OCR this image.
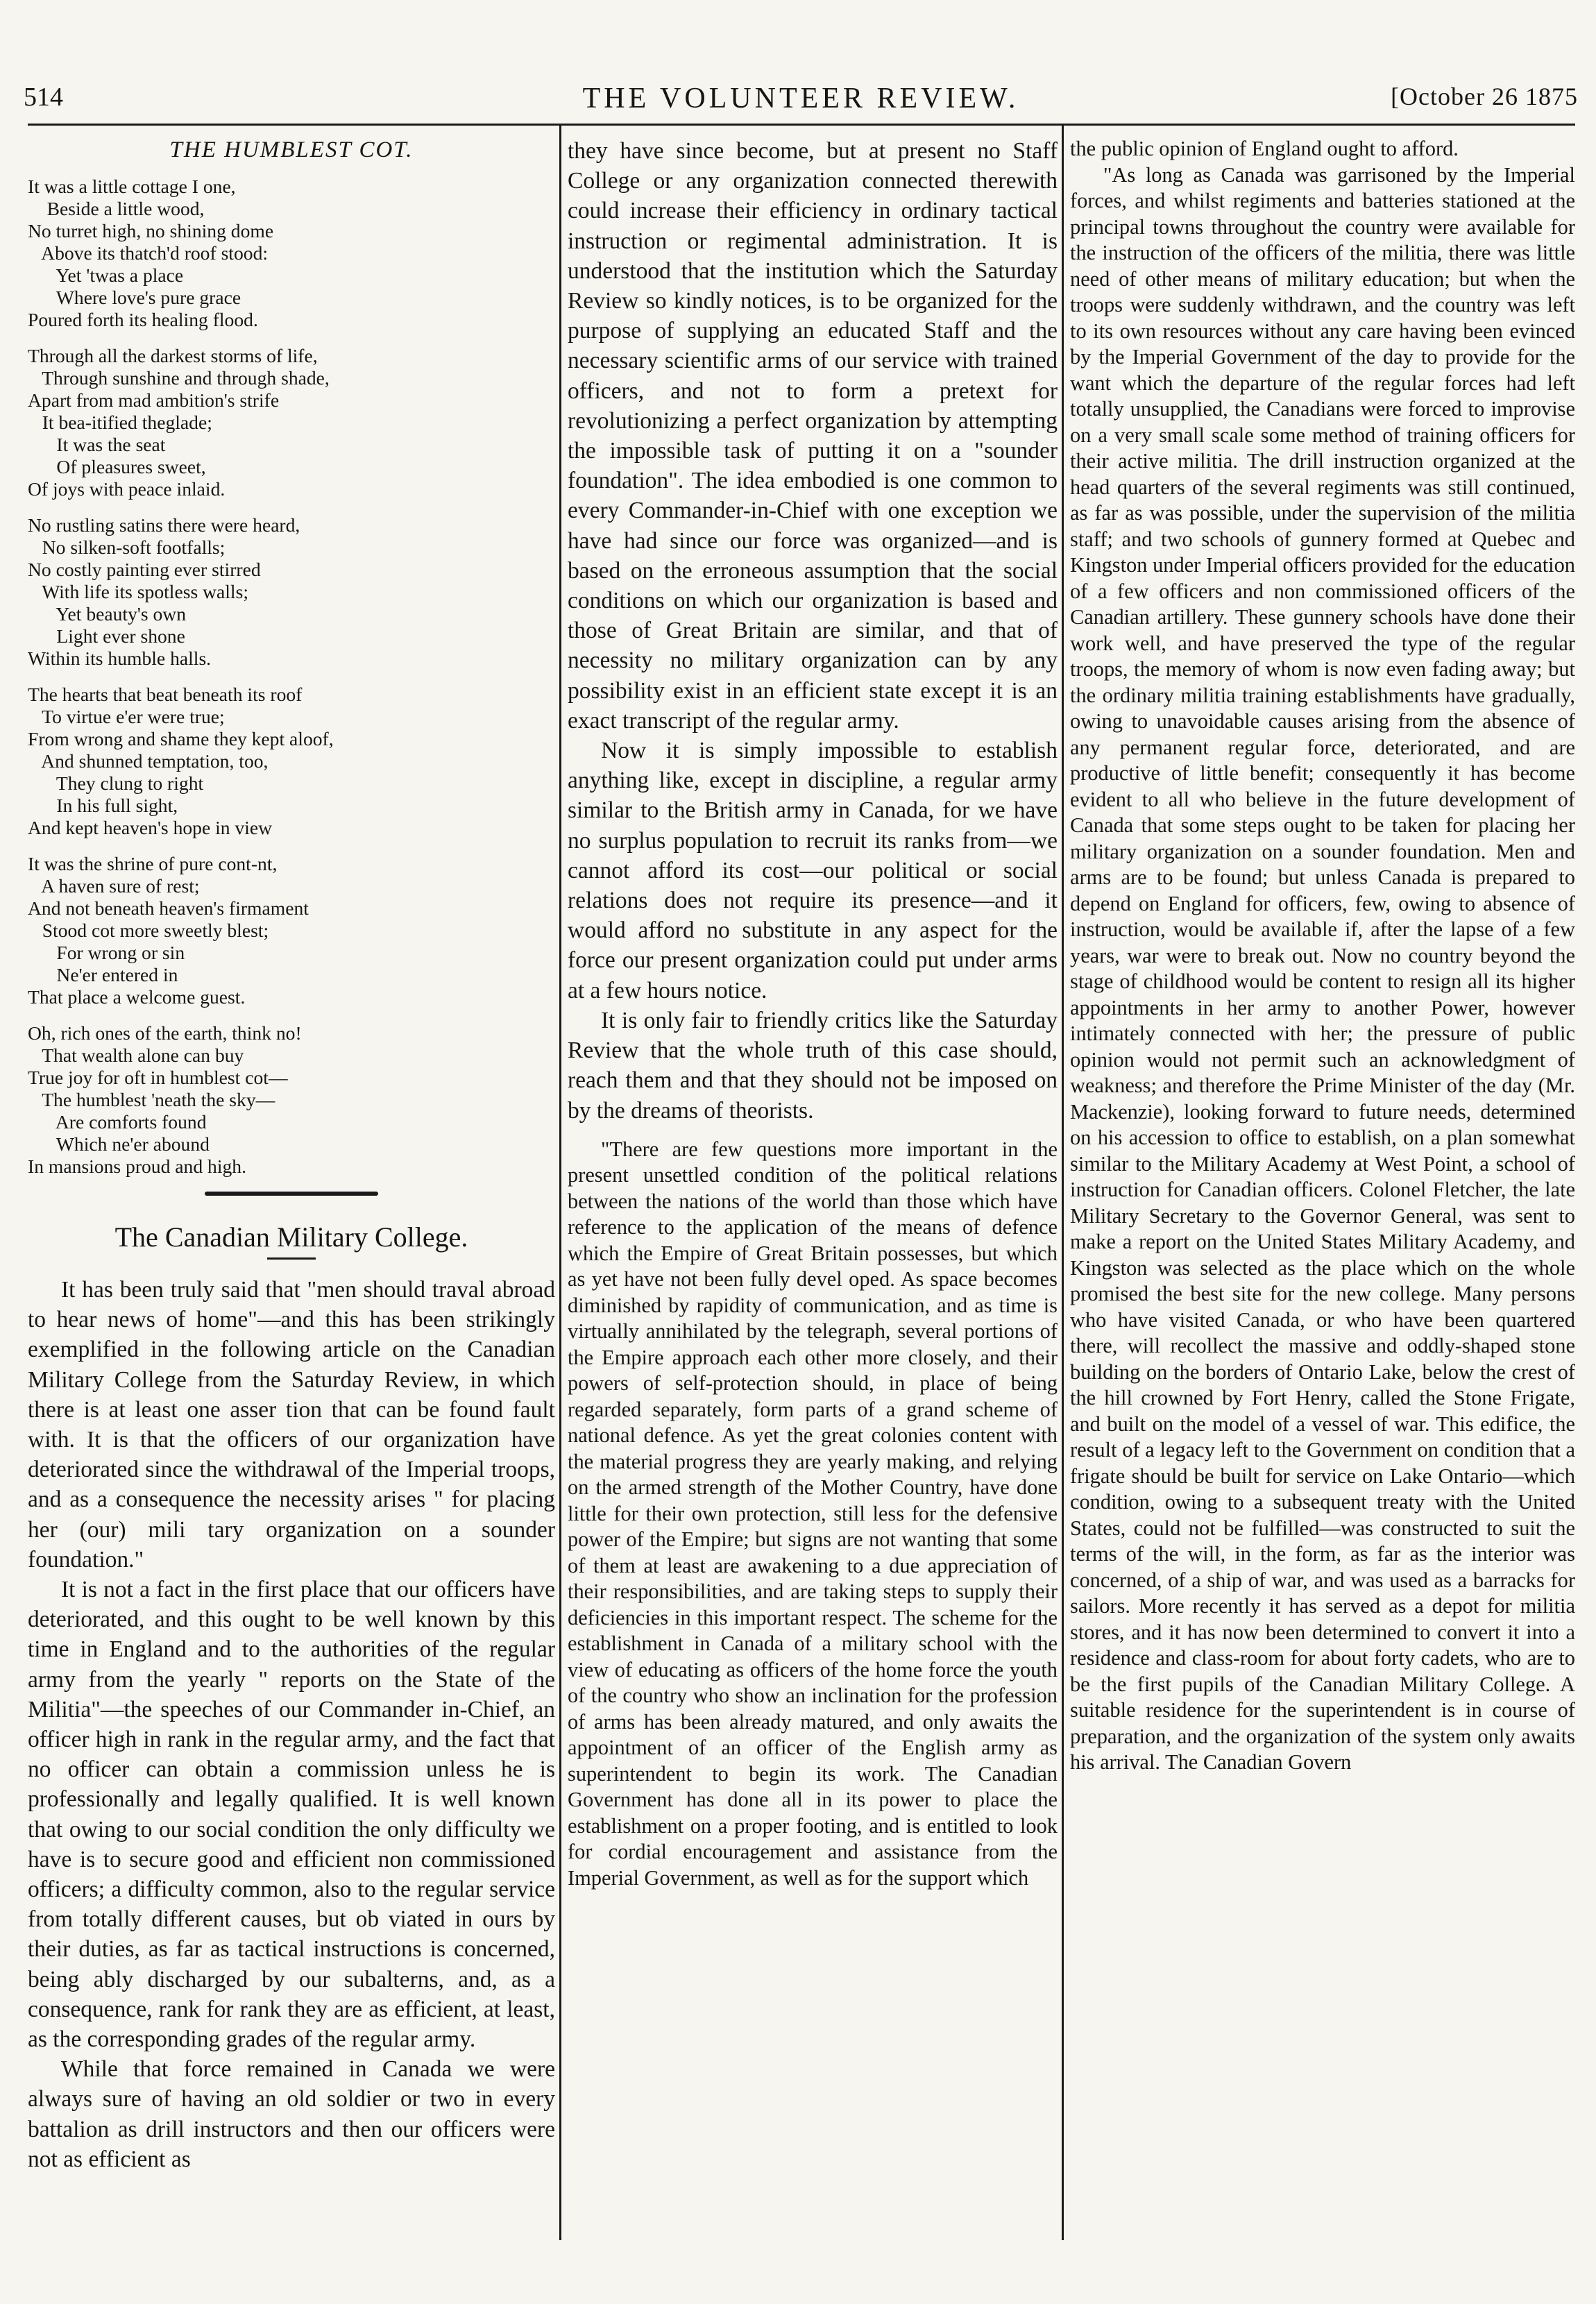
514	THE VOLUNTEER REVIEW.	[October 26 1875
THE HUMBLEST COT.
It was a little cottage I one,
Beside a little wood,
No turret high, no shining dome
Above its thatch'd roof stood:
Yet 'twas a place
Where love's pure grace
Poured forth its healing flood.
Through all the darkest storms of life,
Through sunshine and through shade,
Apart from mad ambition's strife
It bea-itified theglade;
It was the seat
Of pleasures sweet,
Of joys with peace inlaid.
No rustling satins there were heard,
No silken-soft footfalls;
No costly painting ever stirred
With life its spotless walls;
Yet beauty's own
Light ever shone
Within its humble halls.
The hearts that beat beneath its roof
To virtue e'er were true;
From wrong and shame they kept aloof,
And shunned temptation, too,
They clung to right
In his full sight,
And kept heaven's hope in view
It was the shrine of pure cont-nt,
A haven sure of rest;
And not beneath heaven's firmament
Stood cot more sweetly blest;
For wrong or sin
Ne'er entered in
That place a welcome guest.
Oh, rich ones of the earth, think no!
That wealth alone can buy
True joy for oft in humblest cot—
The humblest 'neath the sky—
Are comforts found
Which ne'er abound
In mansions proud and high.
The Canadian Military College.

It has been truly said that "men should traval abroad to hear news of home"—and this has been strikingly exemplified in the following article on the Canadian Military College from the Saturday Review, in which there is at least one asser tion that can be found fault with. It is that the officers of our organization have deteriorated since the withdrawal of the Imperial troops, and as a consequence the necessity arises " for placing her (our) mili tary organization on a sounder foundation."

It is not a fact in the first place that our officers have deteriorated, and this ought to be well known by this time in England and to the authorities of the regular army from the yearly " reports on the State of the Militia"—the speeches of our Commander in-Chief, an officer high in rank in the regular army, and the fact that no officer can obtain a commission unless he is professionally and legally qualified. It is well known that owing to our social condition the only difficulty we have is to secure good and efficient non commissioned officers; a difficulty common, also to the regular service from totally different causes, but ob viated in ours by their duties, as far as tactical instructions is concerned, being ably discharged by our subalterns, and, as a consequence, rank for rank they are as efficient, at least, as the corresponding grades of the regular army.

While that force remained in Canada we were always sure of having an old soldier or two in every battalion as drill instructors and then our officers were not as efficient as

they have since become, but at present no Staff College or any organization connected therewith could increase their efficiency in ordinary tactical instruction or regimental administration. It is understood that the institution which the Saturday Review so kindly notices, is to be organized for the purpose of supplying an educated Staff and the necessary scientific arms of our service with trained officers, and not to form a pretext for revolutionizing a perfect organization by attempting the impossible task of putting it on a "sounder foundation". The idea embodied is one common to every Commander-in-Chief with one exception we have had since our force was organized—and is based on the erroneous assumption that the social conditions on which our organization is based and those of Great Britain are similar, and that of necessity no military organization can by any possibility exist in an efficient state except it is an exact transcript of the regular army.

Now it is simply impossible to establish anything like, except in discipline, a regular army similar to the British army in Canada, for we have no surplus population to recruit its ranks from—we cannot afford its cost—our political or social relations does not require its presence—and it would afford no substitute in any aspect for the force our present organization could put under arms at a few hours notice.

It is only fair to friendly critics like the Saturday Review that the whole truth of this case should, reach them and that they should not be imposed on by the dreams of theorists.

"There are few questions more important in the present unsettled condition of the political relations between the nations of the world than those which have reference to the application of the means of defence which the Empire of Great Britain possesses, but which as yet have not been fully devel oped. As space becomes diminished by rapidity of communication, and as time is virtually annihilated by the telegraph, several portions of the Empire approach each other more closely, and their powers of self-protection should, in place of being regarded separately, form parts of a grand scheme of national defence. As yet the great colonies content with the material progress they are yearly making, and relying on the armed strength of the Mother Country, have done little for their own protection, still less for the defensive power of the Empire; but signs are not wanting that some of them at least are awakening to a due appreciation of their responsibilities, and are taking steps to supply their deficiencies in this important respect. The scheme for the establishment in Canada of a military school with the view of educating as officers of the home force the youth of the country who show an inclination for the profession of arms has been already matured, and only awaits the appointment of an officer of the English army as superintendent to begin its work. The Canadian Government has done all in its power to place the establishment on a proper footing, and is entitled to look for cordial encouragement and assistance from the Imperial Government, as well as for the support which

the public opinion of England ought to afford.

"As long as Canada was garrisoned by the Imperial forces, and whilst regiments and batteries stationed at the principal towns throughout the country were available for the instruction of the officers of the militia, there was little need of other means of military education; but when the troops were suddenly withdrawn, and the country was left to its own resources without any care having been evinced by the Imperial Government of the day to provide for the want which the departure of the regular forces had left totally unsupplied, the Canadians were forced to improvise on a very small scale some method of training officers for their active militia. The drill instruction organized at the head quarters of the several regiments was still continued, as far as was possible, under the supervision of the militia staff; and two schools of gunnery formed at Quebec and Kingston under Imperial officers provided for the education of a few officers and non commissioned officers of the Canadian artillery. These gunnery schools have done their work well, and have preserved the type of the regular troops, the memory of whom is now even fading away; but the ordinary militia training establishments have gradually, owing to unavoidable causes arising from the absence of any permanent regular force, deteriorated, and are productive of little benefit; consequently it has become evident to all who believe in the future development of Canada that some steps ought to be taken for placing her military organization on a sounder foundation. Men and arms are to be found; but unless Canada is prepared to depend on England for officers, few, owing to absence of instruction, would be available if, after the lapse of a few years, war were to break out. Now no country beyond the stage of childhood would be content to resign all its higher appointments in her army to another Power, however intimately connected with her; the pressure of public opinion would not permit such an acknowledgment of weakness; and therefore the Prime Minister of the day (Mr. Mackenzie), looking forward to future needs, determined on his accession to office to establish, on a plan somewhat similar to the Military Academy at West Point, a school of instruction for Canadian officers. Colonel Fletcher, the late Military Secretary to the Governor General, was sent to make a report on the United States Military Academy, and Kingston was selected as the place which on the whole promised the best site for the new college. Many persons who have visited Canada, or who have been quartered there, will recollect the massive and oddly-shaped stone building on the borders of Ontario Lake, below the crest of the hill crowned by Fort Henry, called the Stone Frigate, and built on the model of a vessel of war. This edifice, the result of a legacy left to the Government on condition that a frigate should be built for service on Lake Ontario—which condition, owing to a subsequent treaty with the United States, could not be fulfilled—was constructed to suit the terms of the will, in the form, as far as the interior was concerned, of a ship of war, and was used as a barracks for sailors. More recently it has served as a depot for militia stores, and it has now been determined to convert it into a residence and class-room for about forty cadets, who are to be the first pupils of the Canadian Military College. A suitable residence for the superintendent is in course of preparation, and the organization of the system only awaits his arrival. The Canadian Govern
